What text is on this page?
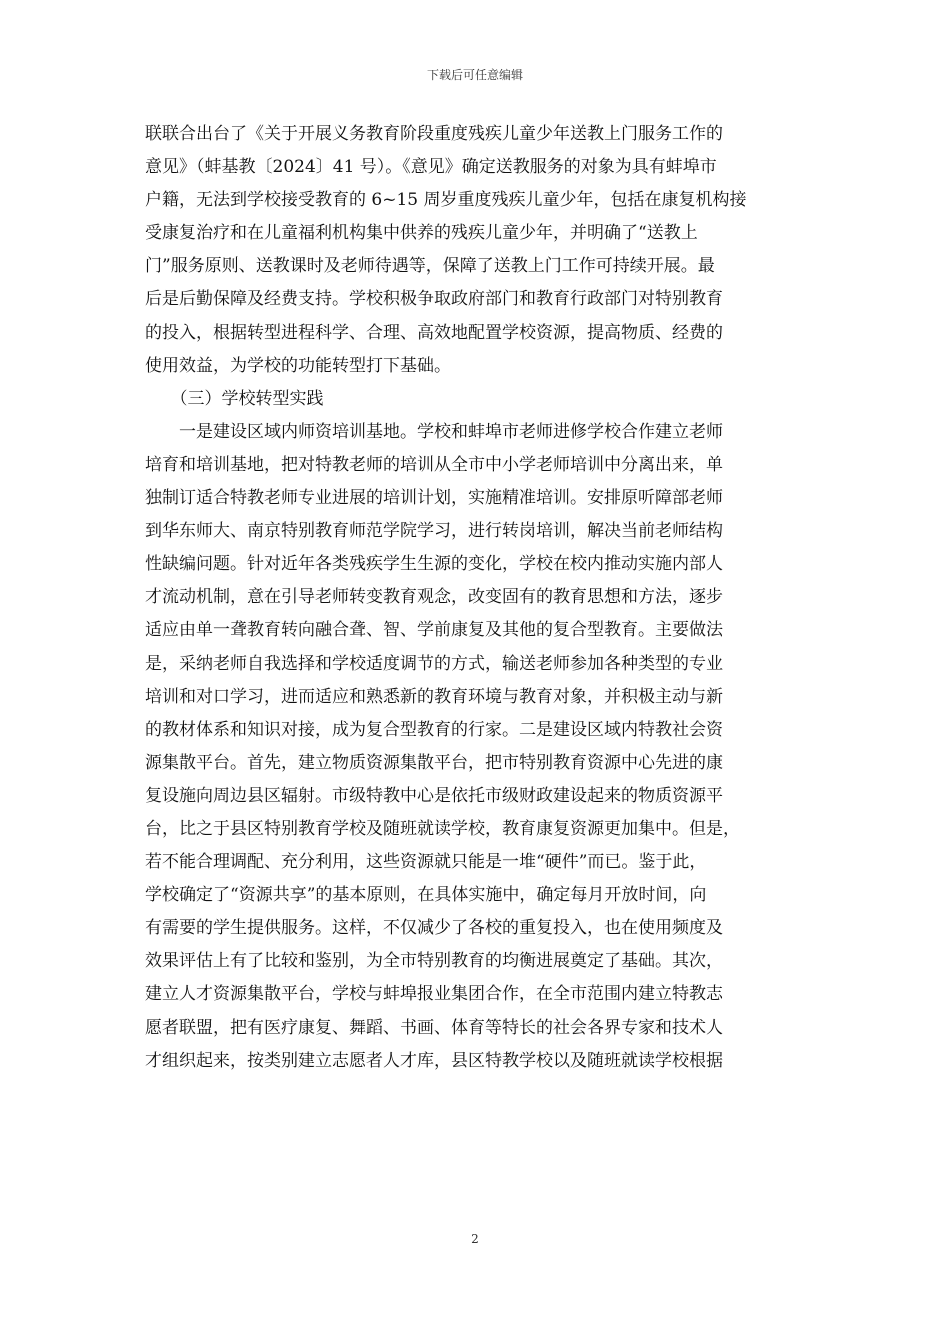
下载后可任意编辑
联联合出台了《关于开展义务教育阶段重度残疾儿童少年送教上门服务工作的
意见》（蚌基教〔2024〕41 号）。《意见》确定送教服务的对象为具有蚌埠市
户籍，无法到学校接受教育的 6~15 周岁重度残疾儿童少年，包括在康复机构接
受康复治疗和在儿童福利机构集中供养的残疾儿童少年，并明确了“送教上
门”服务原则、送教课时及老师待遇等，保障了送教上门工作可持续开展。最
后是后勤保障及经费支持。学校积极争取政府部门和教育行政部门对特别教育
的投入，根据转型进程科学、合理、高效地配置学校资源，提高物质、经费的
使用效益，为学校的功能转型打下基础。
　　（三）学校转型实践
　　一是建设区域内师资培训基地。学校和蚌埠市老师进修学校合作建立老师
培育和培训基地，把对特教老师的培训从全市中小学老师培训中分离出来，单
独制订适合特教老师专业进展的培训计划，实施精准培训。安排原听障部老师
到华东师大、南京特别教育师范学院学习，进行转岗培训，解决当前老师结构
性缺编问题。针对近年各类残疾学生生源的变化，学校在校内推动实施内部人
才流动机制，意在引导老师转变教育观念，改变固有的教育思想和方法，逐步
适应由单一聋教育转向融合聋、智、学前康复及其他的复合型教育。主要做法
是，采纳老师自我选择和学校适度调节的方式，输送老师参加各种类型的专业
培训和对口学习，进而适应和熟悉新的教育环境与教育对象，并积极主动与新
的教材体系和知识对接，成为复合型教育的行家。二是建设区域内特教社会资
源集散平台。首先，建立物质资源集散平台，把市特别教育资源中心先进的康
复设施向周边县区辐射。市级特教中心是依托市级财政建设起来的物质资源平
台，比之于县区特别教育学校及随班就读学校，教育康复资源更加集中。但是，
若不能合理调配、充分利用，这些资源就只能是一堆“硬件”而已。鉴于此，
学校确定了“资源共享”的基本原则，在具体实施中，确定每月开放时间，向
有需要的学生提供服务。这样，不仅减少了各校的重复投入，也在使用频度及
效果评估上有了比较和鉴别，为全市特别教育的均衡进展奠定了基础。其次，
建立人才资源集散平台，学校与蚌埠报业集团合作，在全市范围内建立特教志
愿者联盟，把有医疗康复、舞蹈、书画、体育等特长的社会各界专家和技术人
才组织起来，按类别建立志愿者人才库，县区特教学校以及随班就读学校根据
2
